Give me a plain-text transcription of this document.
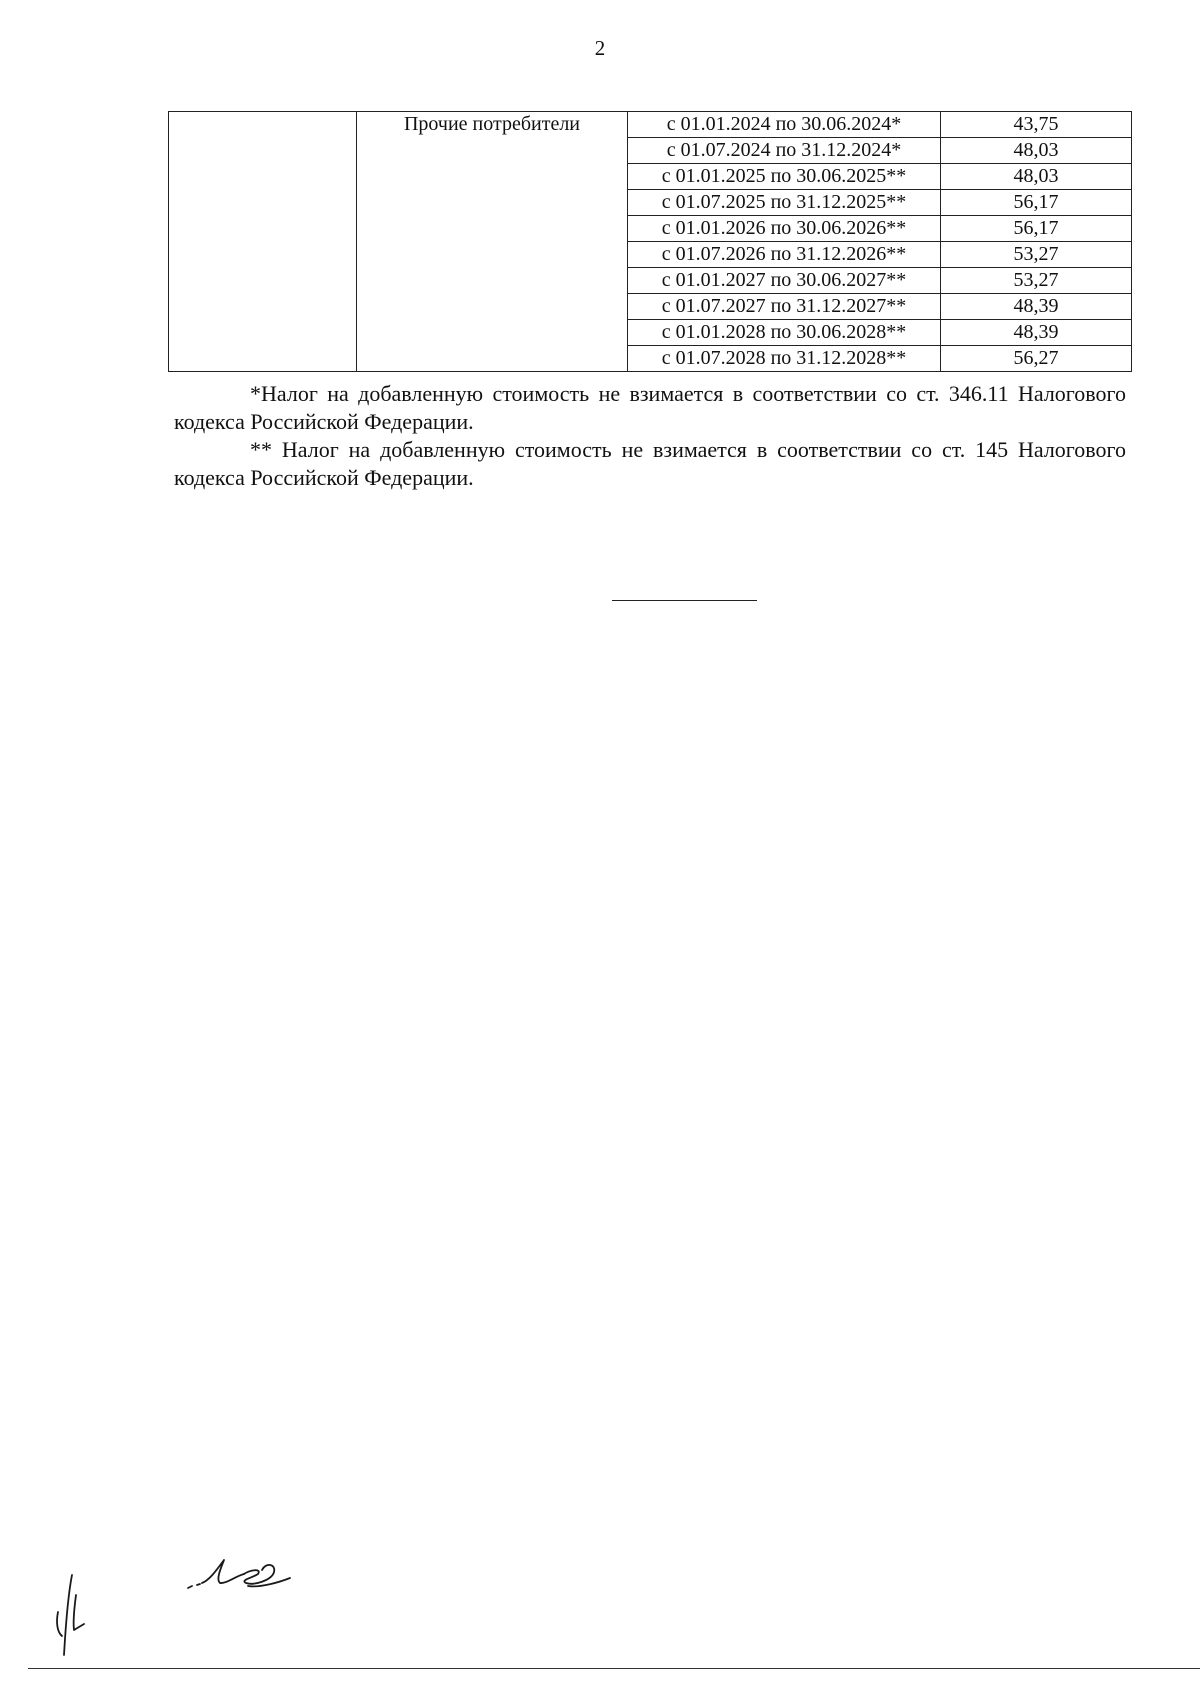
2
	Прочие потребители	с 01.01.2024 по 30.06.2024*	43,75
		с 01.07.2024 по 31.12.2024*	48,03
		с 01.01.2025 по 30.06.2025**	48,03
		с 01.07.2025 по 31.12.2025**	56,17
		с 01.01.2026 по 30.06.2026**	56,17
		с 01.07.2026 по 31.12.2026**	53,27
		с 01.01.2027 по 30.06.2027**	53,27
		с 01.07.2027 по 31.12.2027**	48,39
		с 01.01.2028 по 30.06.2028**	48,39
		с 01.07.2028 по 31.12.2028**	56,27

*Налог на добавленную стоимость не взимается в соответствии со ст. 346.11 Налогового кодекса Российской Федерации.

** Налог на добавленную стоимость не взимается в соответствии со ст. 145 Налогового кодекса Российской Федерации.
